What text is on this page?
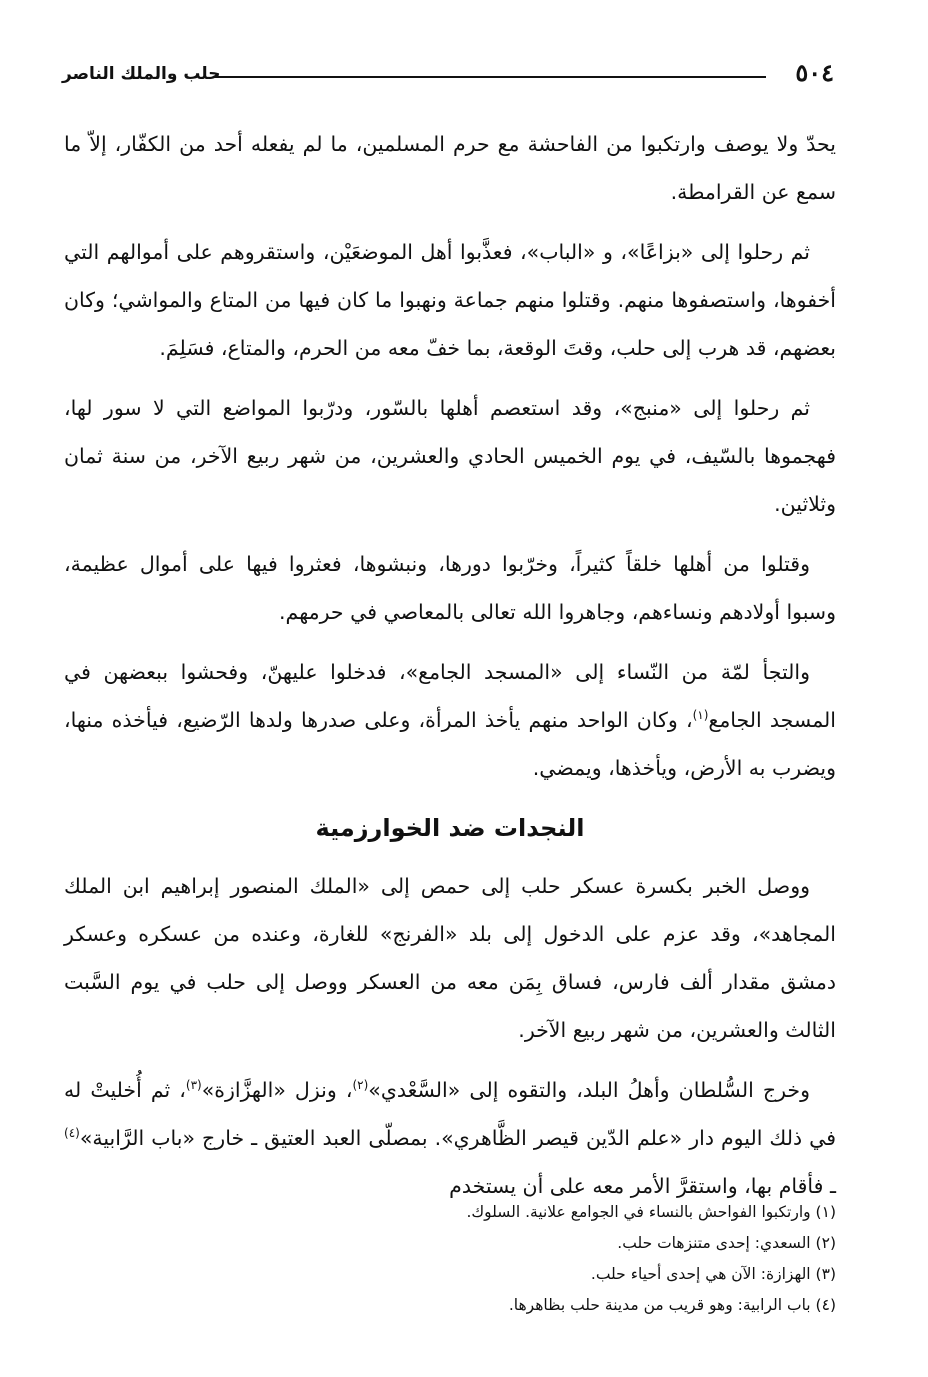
٥٠٤
حلب والملك الناصر

يحدّ ولا يوصف وارتكبوا من الفاحشة مع حرم المسلمين، ما لم يفعله أحد من الكفّار، إلاّ ما سمع عن القرامطة.

ثم رحلوا إلى «بزاعًا»، و «الباب»، فعذَّبوا أهل الموضعَيْن، واستقروهم على أموالهم التي أخفوها، واستصفوها منهم. وقتلوا منهم جماعة ونهبوا ما كان فيها من المتاع والمواشي؛ وكان بعضهم، قد هرب إلى حلب، وقتَ الوقعة، بما خفّ معه من الحرم، والمتاع، فسَلِمَ.

ثم رحلوا إلى «منبج»، وقد استعصم أهلها بالسّور، ودرّبوا المواضع التي لا سور لها، فهجموها بالسّيف، في يوم الخميس الحادي والعشرين، من شهر ربيع الآخر، من سنة ثمان وثلاثين.

وقتلوا من أهلها خلقاً كثيراً، وخرّبوا دورها، ونبشوها، فعثروا فيها على أموال عظيمة، وسبوا أولادهم ونساءهم، وجاهروا الله تعالى بالمعاصي في حرمهم.

والتجأ لمّة من النّساء إلى «المسجد الجامع»، فدخلوا عليهنّ، وفحشوا ببعضهن في المسجد الجامع$^{(١)}$، وكان الواحد منهم يأخذ المرأة، وعلى صدرها ولدها الرّضيع، فيأخذه منها، ويضرب به الأرض، ويأخذها، ويمضي.

النجدات ضد الخوارزمية

ووصل الخبر بكسرة عسكر حلب إلى حمص إلى «الملك المنصور إبراهيم ابن الملك المجاهد»، وقد عزم على الدخول إلى بلد «الفرنج» للغارة، وعنده من عسكره وعسكر دمشق مقدار ألف فارس، فساق بِمَن معه من العسكر ووصل إلى حلب في يوم السَّبت الثالث والعشرين، من شهر ربيع الآخر.

وخرج السُّلطان وأهلُ البلد، والتقوه إلى «السَّعْدي»$^{(٢)}$، ونزل «الهزَّازة»$^{(٣)}$، ثم أُخليتْ له في ذلك اليوم دار «علم الدّين قيصر الظَّاهري». بمصلّى العبد العتيق ـ خارج «باب الرَّابية»$^{(٤)}$ ـ فأقام بها، واستقرَّ الأمر معه على أن يستخدم

(١) وارتكبوا الفواحش بالنساء في الجوامع علانية. السلوك.
(٢) السعدي: إحدى متنزهات حلب.
(٣) الهزازة: الآن هي إحدى أحياء حلب.
(٤) باب الرابية: وهو قريب من مدينة حلب بظاهرها.
